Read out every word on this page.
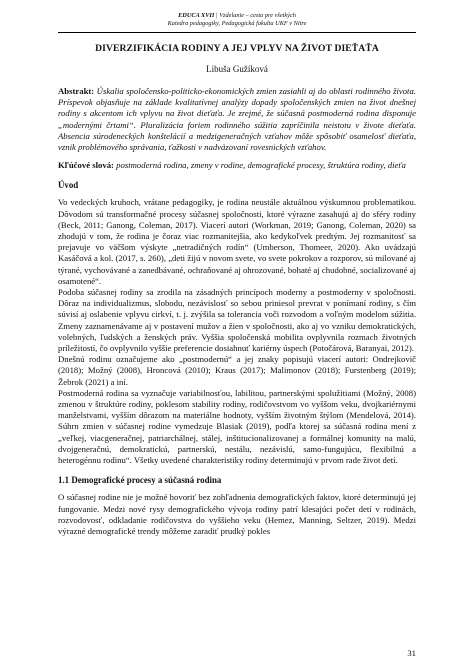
EDUCA XVII | Vzdelanie – cesta pre všetkých
Katedra pedagogiky, Pedagogická fakulta UKF v Nitre
DIVERZIFIKÁCIA RODINY A JEJ VPLYV NA ŽIVOT DIEŤAŤA
Libuša Gužíková
Abstrakt: Úskalia spoločensko-politicko-ekonomických zmien zasiahli aj do oblasti rodinného života. Príspevok objasňuje na základe kvalitatívnej analýzy dopady spoločenských zmien na život dnešnej rodiny s akcentom ich vplyvu na život dieťaťa. Je zrejmé, že súčasná postmoderná rodina disponuje „modernými črtami“. Pluralizácia foriem rodinného súžitia zapríčinila neistotu v živote dieťaťa. Absencia súrodeneckých konštelácií a medzigeneračných vzťahov môže spôsobiť osamelosť dieťaťa, vznik problémového správania, ťažkosti v nadväzovaní rovesnických vzťahov.
Kľúčové slová: postmoderná rodina, zmeny v rodine, demografické procesy, štruktúra rodiny, dieťa
Úvod

Vo vedeckých kruhoch, vrátane pedagogiky, je rodina neustále aktuálnou výskumnou problematikou. Dôvodom sú transformačné procesy súčasnej spoločnosti, ktoré výrazne zasahujú aj do sféry rodiny (Beck, 2011; Ganong, Coleman, 2017). Viacerí autori (Workman, 2019; Ganong, Coleman, 2020) sa zhodujú v tom, že rodina je čoraz viac rozmanitejšia, ako kedykoľvek predtým. Jej rozmanitosť sa prejavuje vo väčšom výskyte „netradičných rodín“ (Umberson, Thomeer, 2020). Ako uvádzajú Kasáčová a kol. (2017, s. 260), „deti žijú v novom svete, vo svete pokrokov a rozporov, sú milované aj týrané, vychovávané a zanedbávané, ochraňované aj ohrozované, bohaté aj chudobné, socializované aj osamotené“.

Podoba súčasnej rodiny sa zrodila na zásadných princípoch moderny a postmoderny v spoločnosti. Dôraz na individualizmus, slobodu, nezávislosť so sebou priniesol prevrat v ponímaní rodiny, s čím súvisí aj oslabenie vplyvu cirkví, t. j. zvýšila sa tolerancia voči rozvodom a voľným modelom súžitia. Zmeny zaznamenávame aj v postavení mužov a žien v spoločnosti, ako aj vo vzniku demokratických, volebných, ľudských a ženských práv. Vyššia spoločenská mobilita ovplyvnila rozmach životných príležitostí, čo ovplyvnilo vyššie preferencie dosiahnuť kariérny úspech (Potočárová, Baranyai, 2012).

Dnešnú rodinu označujeme ako „postmodernú“ a jej znaky popisujú viacerí autori: Ondrejkovič (2018); Možný (2008), Hroncová (2010); Kraus (2017); Malimonov (2018); Furstenberg (2019); Žebrok (2021) a iní.

Postmoderná rodina sa vyznačuje variabilnosťou, labilitou, partnerskými spolužitiami (Možný, 2008) zmenou v štruktúre rodiny, poklesom stability rodiny, rodičovstvom vo vyššom veku, dvojkariérnymi manželstvami, vyšším dôrazom na materiálne hodnoty, vyšším životným štýlom (Mendelová, 2014). Súhrn zmien v súčasnej rodine vymedzuje Blasiak (2019), podľa ktorej sa súčasná rodina mení z „veľkej, viacgeneračnej, patriarchálnej, stálej, inštitucionalizovanej a formálnej komunity na malú, dvojgeneračnú, demokratickú, partnerskú, nestálu, nezávislú, samo-fungujúcu, flexibilnú a heterogénnu rodinu“. Všetky uvedené charakteristiky rodiny determinujú v prvom rade život detí.

1.1 Demografické procesy a súčasná rodina

O súčasnej rodine nie je možné hovoriť bez zohľadnenia demografických faktov, ktoré determinujú jej fungovanie. Medzi nové rysy demografického vývoja rodiny patrí klesajúci počet detí v rodinách, rozvodovosť, odkladanie rodičovstva do vyššieho veku (Hemez, Manning, Seltzer, 2019). Medzi výrazné demografické trendy môžeme zaradiť prudký pokles

31
